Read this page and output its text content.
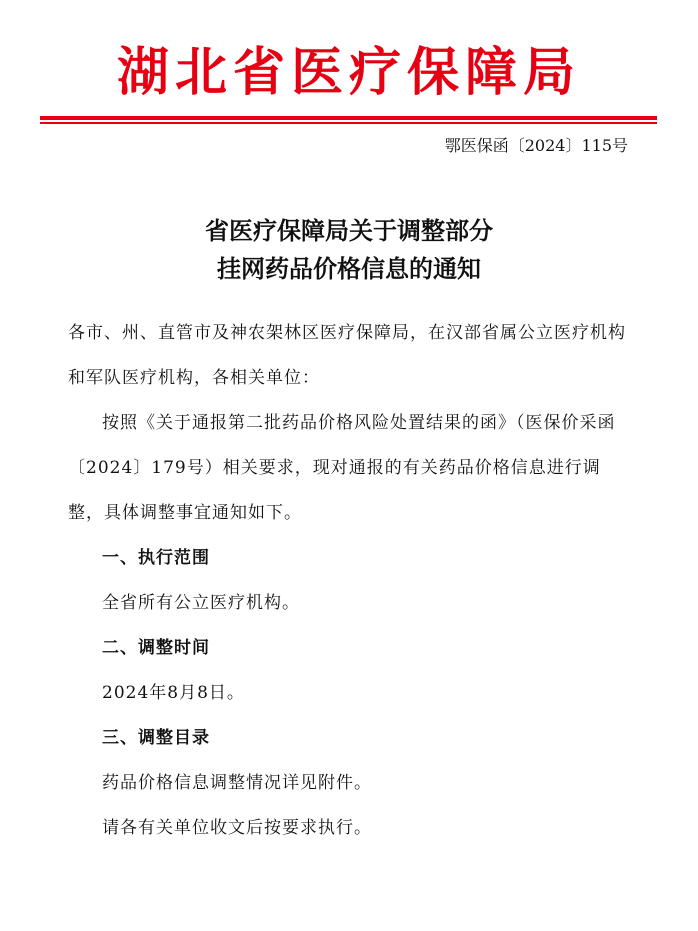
湖北省医疗保障局
鄂医保函〔2024〕115号
省医疗保障局关于调整部分
挂网药品价格信息的通知

各市、州、直管市及神农架林区医疗保障局，在汉部省属公立医疗机构和军队医疗机构，各相关单位：

按照《关于通报第二批药品价格风险处置结果的函》（医保价采函〔2024〕179号）相关要求，现对通报的有关药品价格信息进行调整，具体调整事宜通知如下。

一、执行范围

全省所有公立医疗机构。

二、调整时间

2024年8月8日。

三、调整目录

药品价格信息调整情况详见附件。

请各有关单位收文后按要求执行。
